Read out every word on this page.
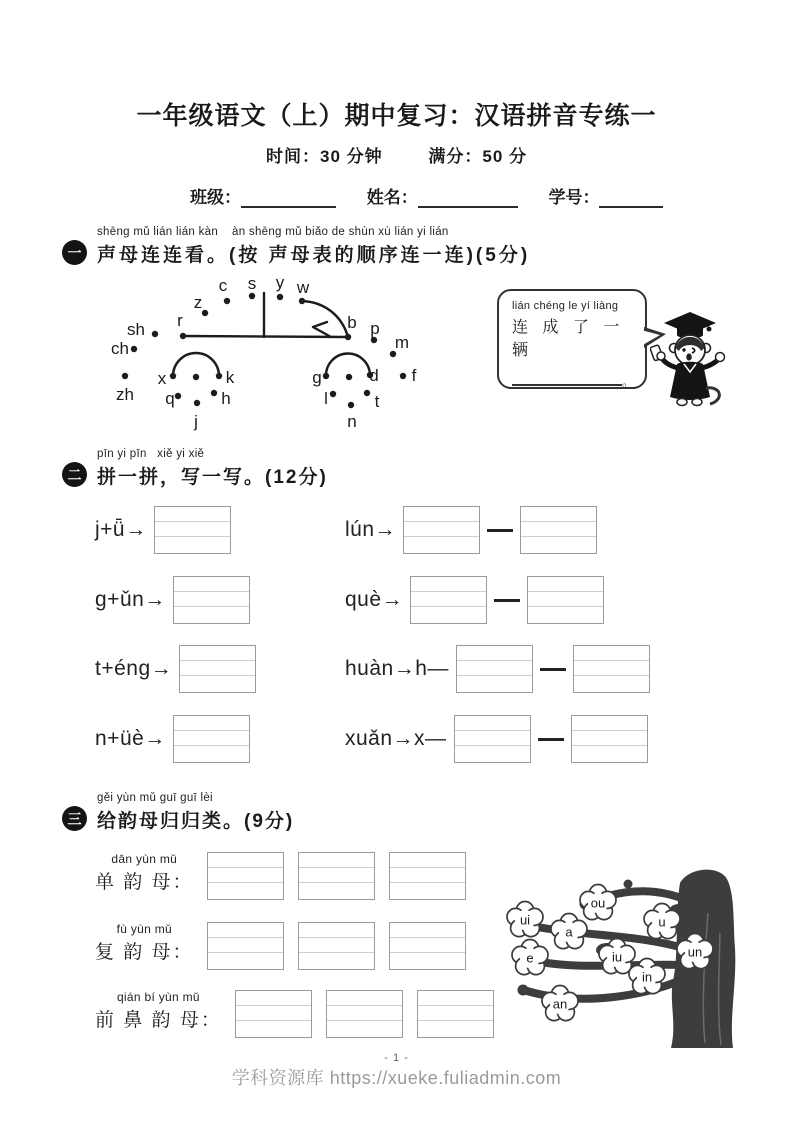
一年级语文（上）期中复习：汉语拼音专练一
时间：30 分钟	满分：50 分
班级：	姓名：	学号：
一
shēng mǔ lián lián kàn    àn shēng mǔ biǎo de shùn xù lián yi lián
声母连连看。(按 声母表的顺序连一连)(5分)
z
c s y w
r
sh
ch
zh
b p
m
f
x	k
q	h
j
g	d
l	t
n
lián chéng le yí liàng
连 成 了 一 辆
。
二
pīn yi pīn   xiě yi xiě
拼一拼，写一写。(12分)
j+ǖ→
g+ǔn→
t+éng→
n+üè→
lún→
què→
huàn→h—
xuǎn→x—
三
gěi yùn mǔ guī guī lèi
给韵母归归类。(9分)
dān yùn mǔ
单 韵 母：
fù yùn mǔ
复 韵 母：
qián bí yùn mǔ
前 鼻 韵 母：
ui
ou
a
u
e	iu	un
in
an
- 1 -
学科资源库 https://xueke.fuliadmin.com
